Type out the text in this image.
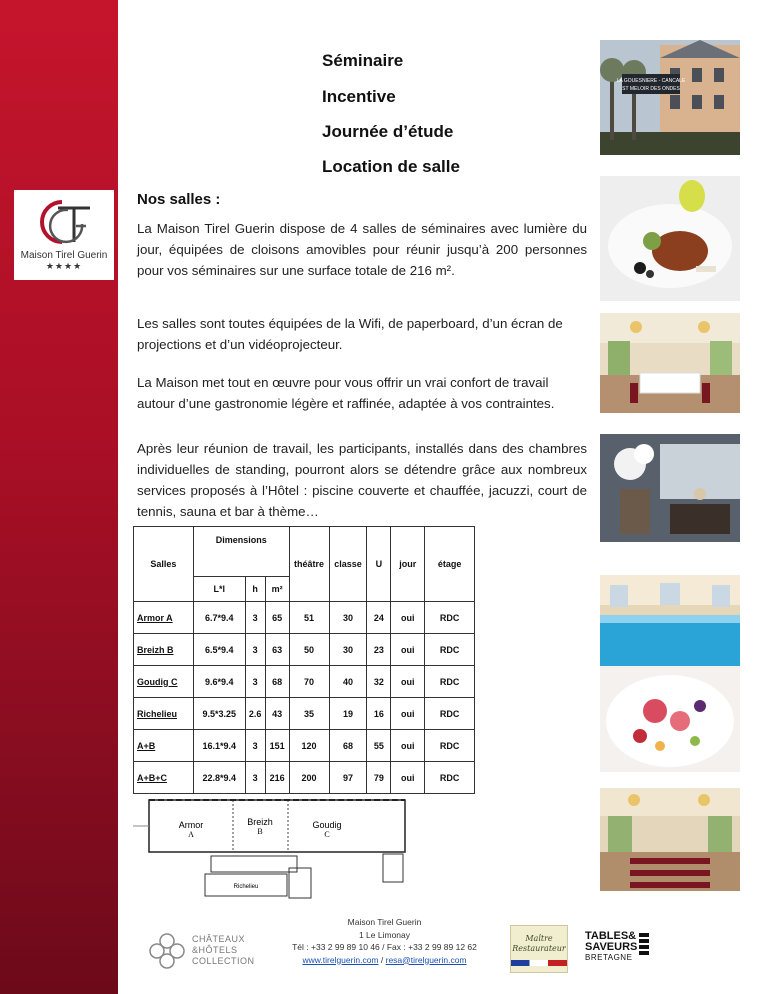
Maison Tirel Guerin
★★★★
Séminaire
Incentive
Journée d’étude
Location de salle
Nos salles :
La Maison Tirel Guerin dispose de 4 salles de séminaires avec lumière du jour, équipées de cloisons amovibles pour réunir jusqu’à 200 personnes pour vos séminaires sur une surface totale de 216 m².
Les salles sont toutes équipées de la Wifi, de paperboard, d’un écran de projections et d’un vidéoprojecteur.
La Maison met tout en œuvre pour vous offrir un vrai confort de travail autour d’une gastronomie légère et raffinée, adaptée à vos contraintes.
Après leur réunion de travail, les participants, installés dans des chambres individuelles de standing, pourront alors se détendre grâce aux nombreux services proposés à l’Hôtel : piscine couverte et chauffée, jacuzzi, court de tennis, sauna et bar à thème…
LA GOUESNIERE - CANCALE
ST MELOIR DES ONDES
	Dimensions							
Salles				théâtre	classe	U	jour	étage
	L*l	h	m²					
Armor A	6.7*9.4	3	65	51	30	24	oui	RDC
Breizh B	6.5*9.4	3	63	50	30	23	oui	RDC
Goudig C	9.6*9.4	3	68	70	40	32	oui	RDC
Richelieu	9.5*3.25	2.6	43	35	19	16	oui	RDC
A+B	16.1*9.4	3	151	120	68	55	oui	RDC
A+B+C	22.8*9.4	3	216	200	97	79	oui	RDC
Armor
A
Breizh
B
Goudig
C
Richelieu
Maison Tirel Guerin
1 Le Limonay
Tél : +33 2 99 89 10 46 / Fax : +33 2 99 89 12 62
www.tirelguerin.com / resa@tirelguerin.com
CHÂTEAUX
&HÔTELS
COLLECTION
Maître
Restaurateur
TABLES&
SAVEURS
BRETAGNE
